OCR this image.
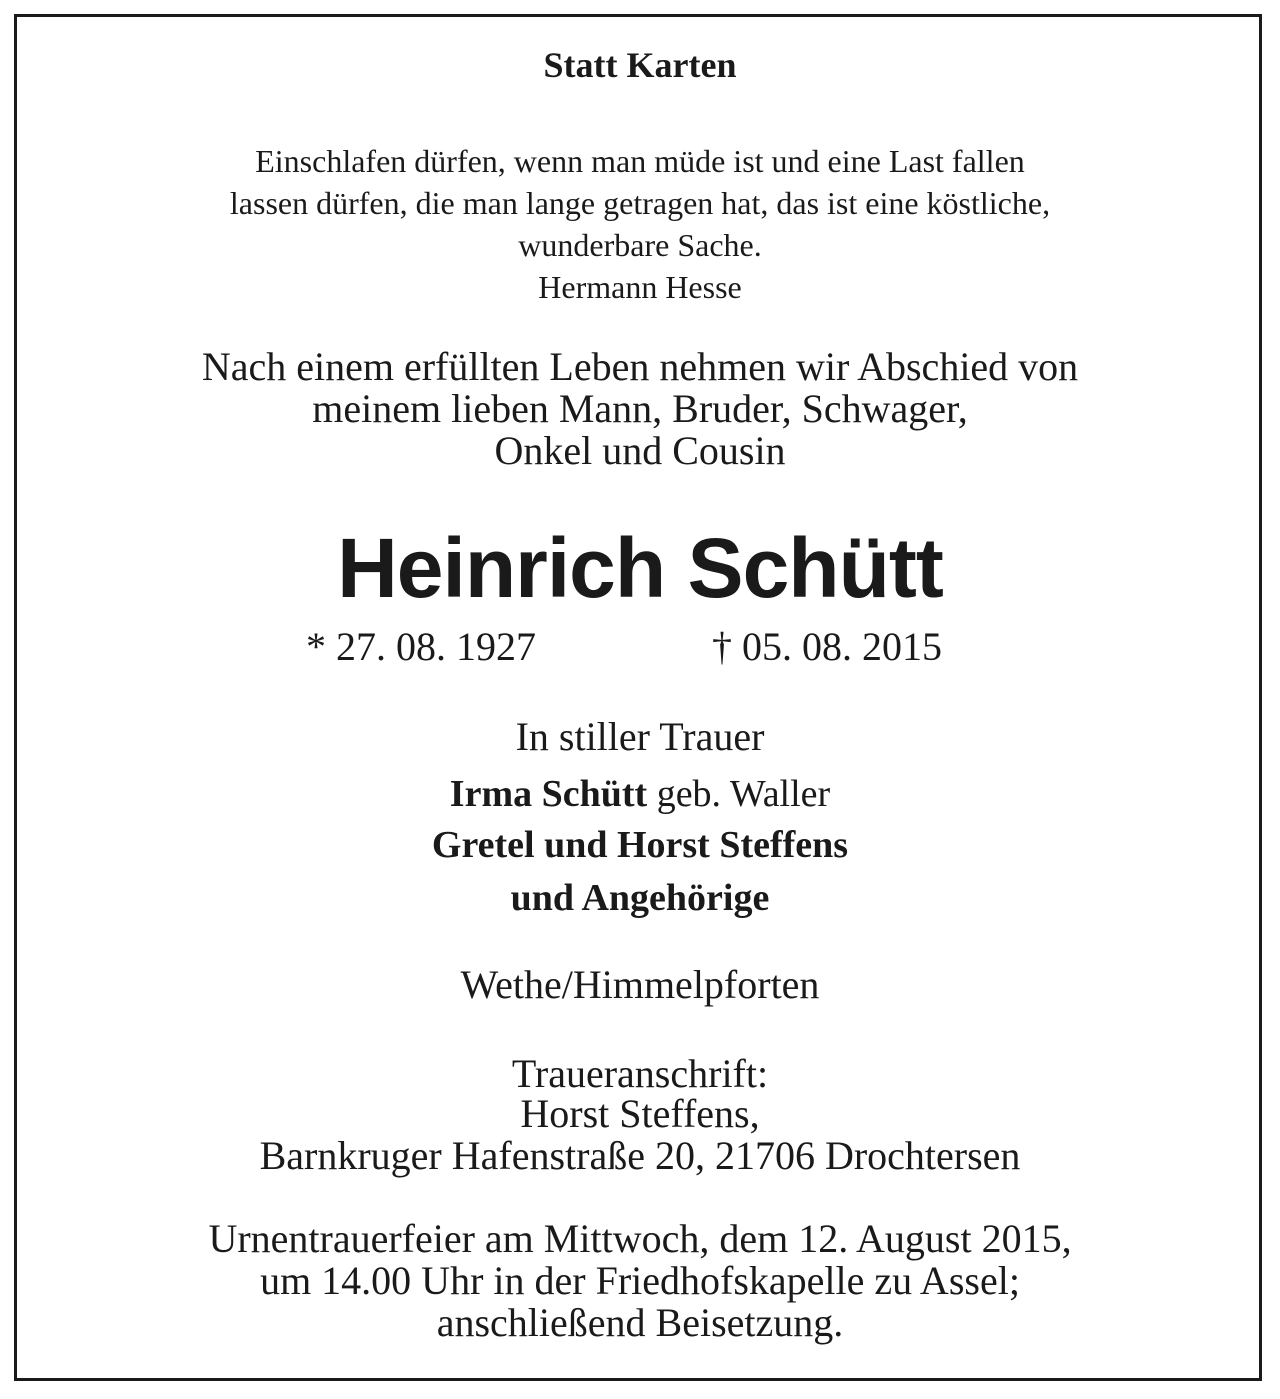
Statt Karten
Einschlafen dürfen, wenn man müde ist und eine Last fallen
lassen dürfen, die man lange getragen hat, das ist eine köstliche,
wunderbare Sache.
Hermann Hesse
Nach einem erfüllten Leben nehmen wir Abschied von
meinem lieben Mann, Bruder, Schwager,
Onkel und Cousin
Heinrich Schütt
* 27. 08. 1927	† 05. 08. 2015
In stiller Trauer
Irma Schütt geb. Waller
Gretel und Horst Steffens
und Angehörige
Wethe/Himmelpforten
Traueranschrift:
Horst Steffens,
Barnkruger Hafenstraße 20, 21706 Drochtersen
Urnentrauerfeier am Mittwoch, dem 12. August 2015,
um 14.00 Uhr in der Friedhofskapelle zu Assel;
anschließend Beisetzung.
